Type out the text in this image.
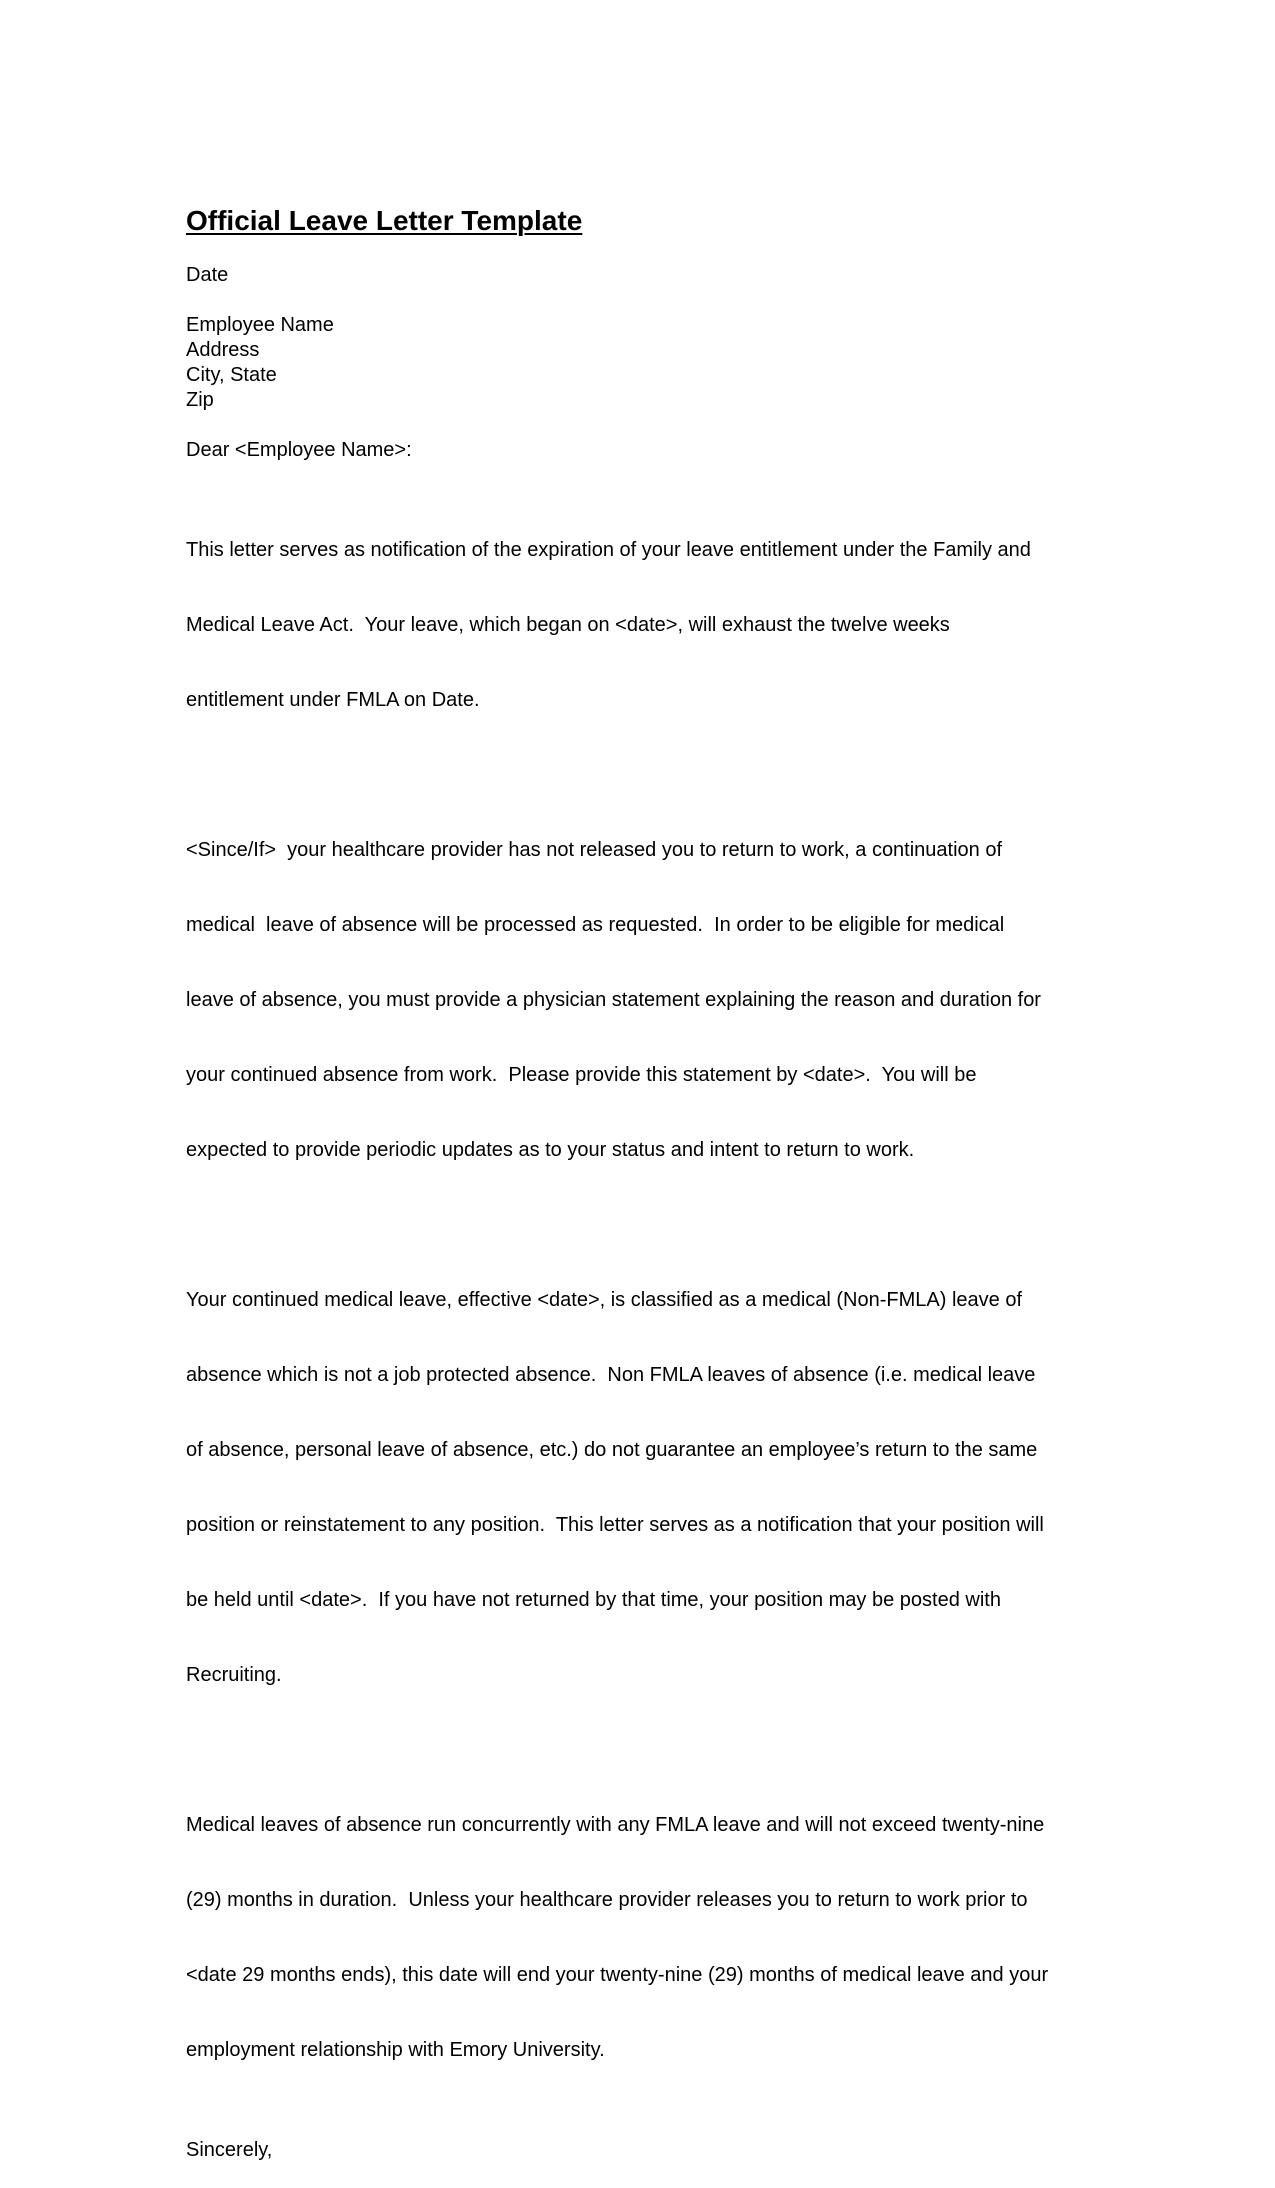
Official Leave Letter Template

Date

Employee Name

Address

City, State

Zip

Dear <Employee Name>:

This letter serves as notification of the expiration of your leave entitlement under the Family and

Medical Leave Act.  Your leave, which began on <date>, will exhaust the twelve weeks

entitlement under FMLA on Date.

<Since/If>  your healthcare provider has not released you to return to work, a continuation of

medical  leave of absence will be processed as requested.  In order to be eligible for medical

leave of absence, you must provide a physician statement explaining the reason and duration for

your continued absence from work.  Please provide this statement by <date>.  You will be

expected to provide periodic updates as to your status and intent to return to work.

Your continued medical leave, effective <date>, is classified as a medical (Non-FMLA) leave of

absence which is not a job protected absence.  Non FMLA leaves of absence (i.e. medical leave

of absence, personal leave of absence, etc.) do not guarantee an employee’s return to the same

position or reinstatement to any position.  This letter serves as a notification that your position will

be held until <date>.  If you have not returned by that time, your position may be posted with

Recruiting.

Medical leaves of absence run concurrently with any FMLA leave and will not exceed twenty-nine

(29) months in duration.  Unless your healthcare provider releases you to return to work prior to

<date 29 months ends), this date will end your twenty-nine (29) months of medical leave and your

employment relationship with Emory University.

Sincerely,
